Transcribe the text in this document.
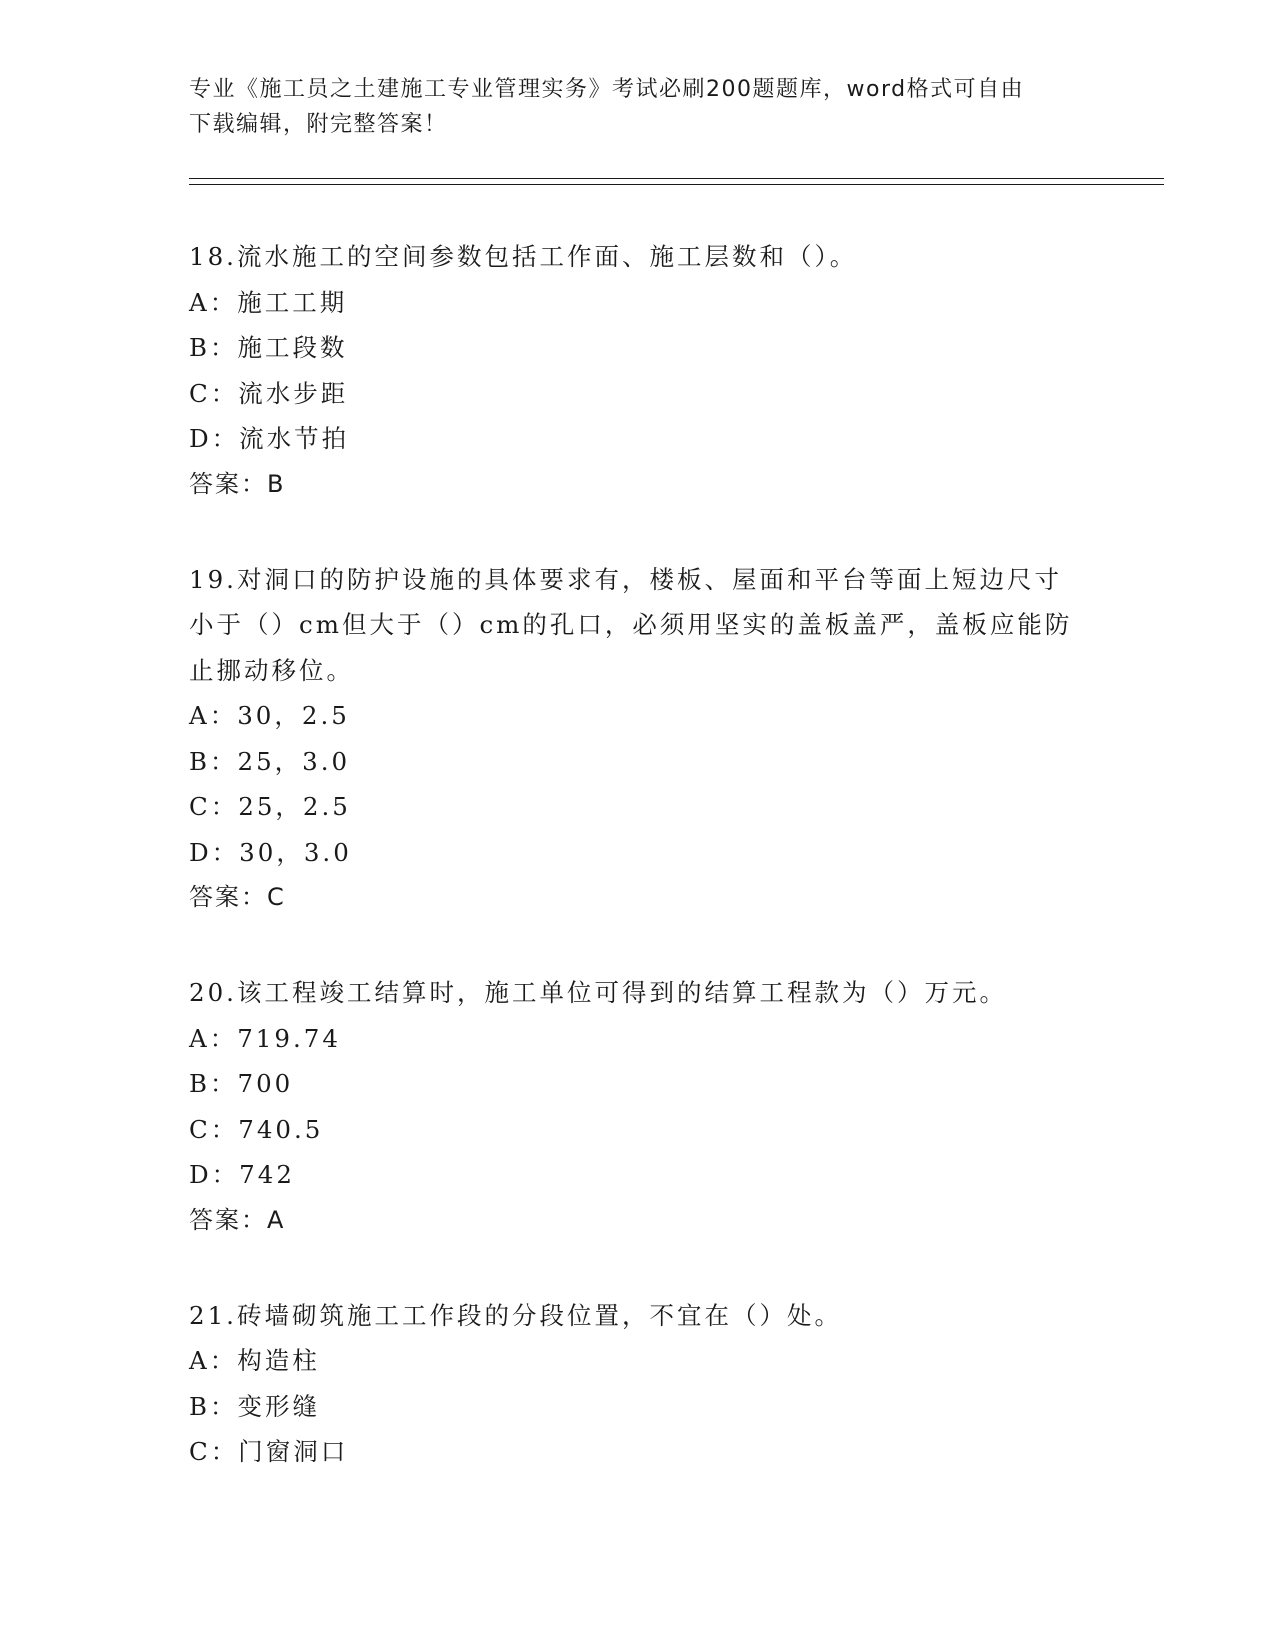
专业《施工员之土建施工专业管理实务》考试必刷200题题库，word格式可自由
下载编辑，附完整答案！
18.流水施工的空间参数包括工作面、施工层数和（）。
A：施工工期
B：施工段数
C：流水步距
D：流水节拍
答案：B
19.对洞口的防护设施的具体要求有，楼板、屋面和平台等面上短边尺寸小于（）cm但大于（）cm的孔口，必须用坚实的盖板盖严，盖板应能防止挪动移位。
A：30，2.5
B：25，3.0
C：25，2.5
D：30，3.0
答案：C
20.该工程竣工结算时，施工单位可得到的结算工程款为（）万元。
A：719.74
B：700
C：740.5
D：742
答案：A
21.砖墙砌筑施工工作段的分段位置，不宜在（）处。
A：构造柱
B：变形缝
C：门窗洞口
